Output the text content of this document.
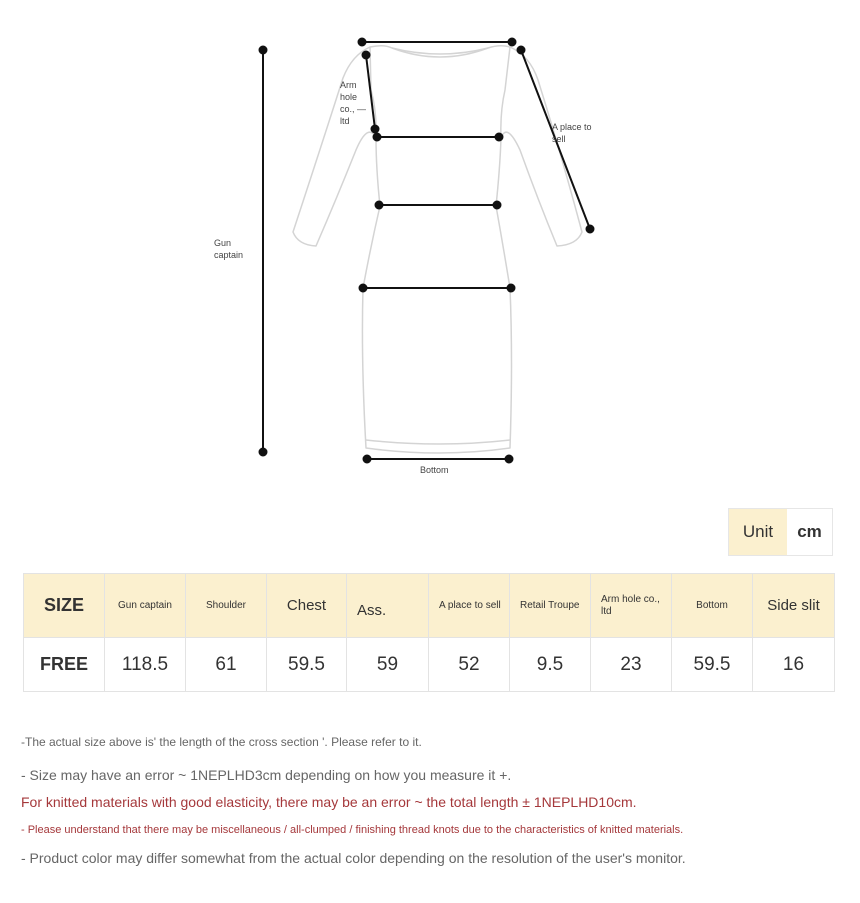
Arm
hole
co., —
ltd
A place to
sell
Gun
captain
Bottom
Unit	cm
SIZE	Gun captain	Shoulder	Chest	Ass.	A place to sell	Retail Troupe	Arm hole co., ltd	Bottom	Side slit
FREE	118.5	61	59.5	59	52	9.5	23	59.5	16

-The actual size above is' the length of the cross section '. Please refer to it.

- Size may have an error ~ 1NEPLHD3cm depending on how you measure it +.

For knitted materials with good elasticity, there may be an error ~ the total length ± 1NEPLHD10cm.

- Please understand that there may be miscellaneous / all-clumped / finishing thread knots due to the characteristics of knitted materials.

- Product color may differ somewhat from the actual color depending on the resolution of the user's monitor.
